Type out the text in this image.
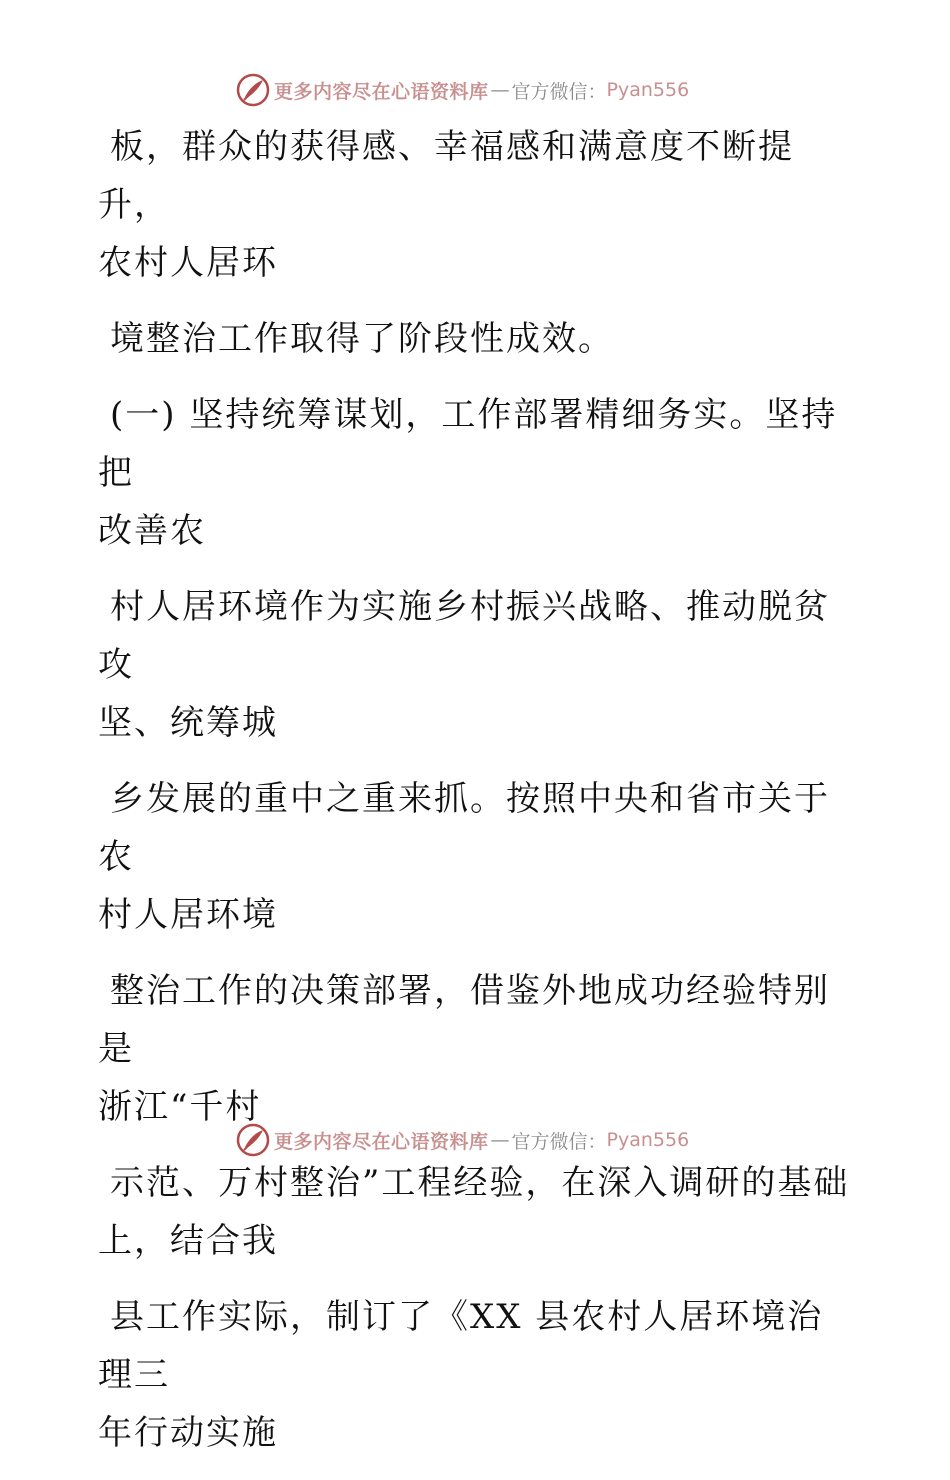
更多内容尽在心语资料库 — 官方微信： Pyan556

板，群众的获得感、幸福感和满意度不断提升，
农村人居环

境整治工作取得了阶段性成效。

(一) 坚持统筹谋划，工作部署精细务实。坚持把
改善农

村人居环境作为实施乡村振兴战略、推动脱贫攻
坚、统筹城

乡发展的重中之重来抓。按照中央和省市关于农
村人居环境

整治工作的决策部署，借鉴外地成功经验特别是
浙江“千村

示范、万村整治”工程经验，在深入调研的基础
上，结合我

县工作实际，制订了《XX 县农村人居环境治理三
年行动实施

更多内容尽在心语资料库 — 官方微信： Pyan556
